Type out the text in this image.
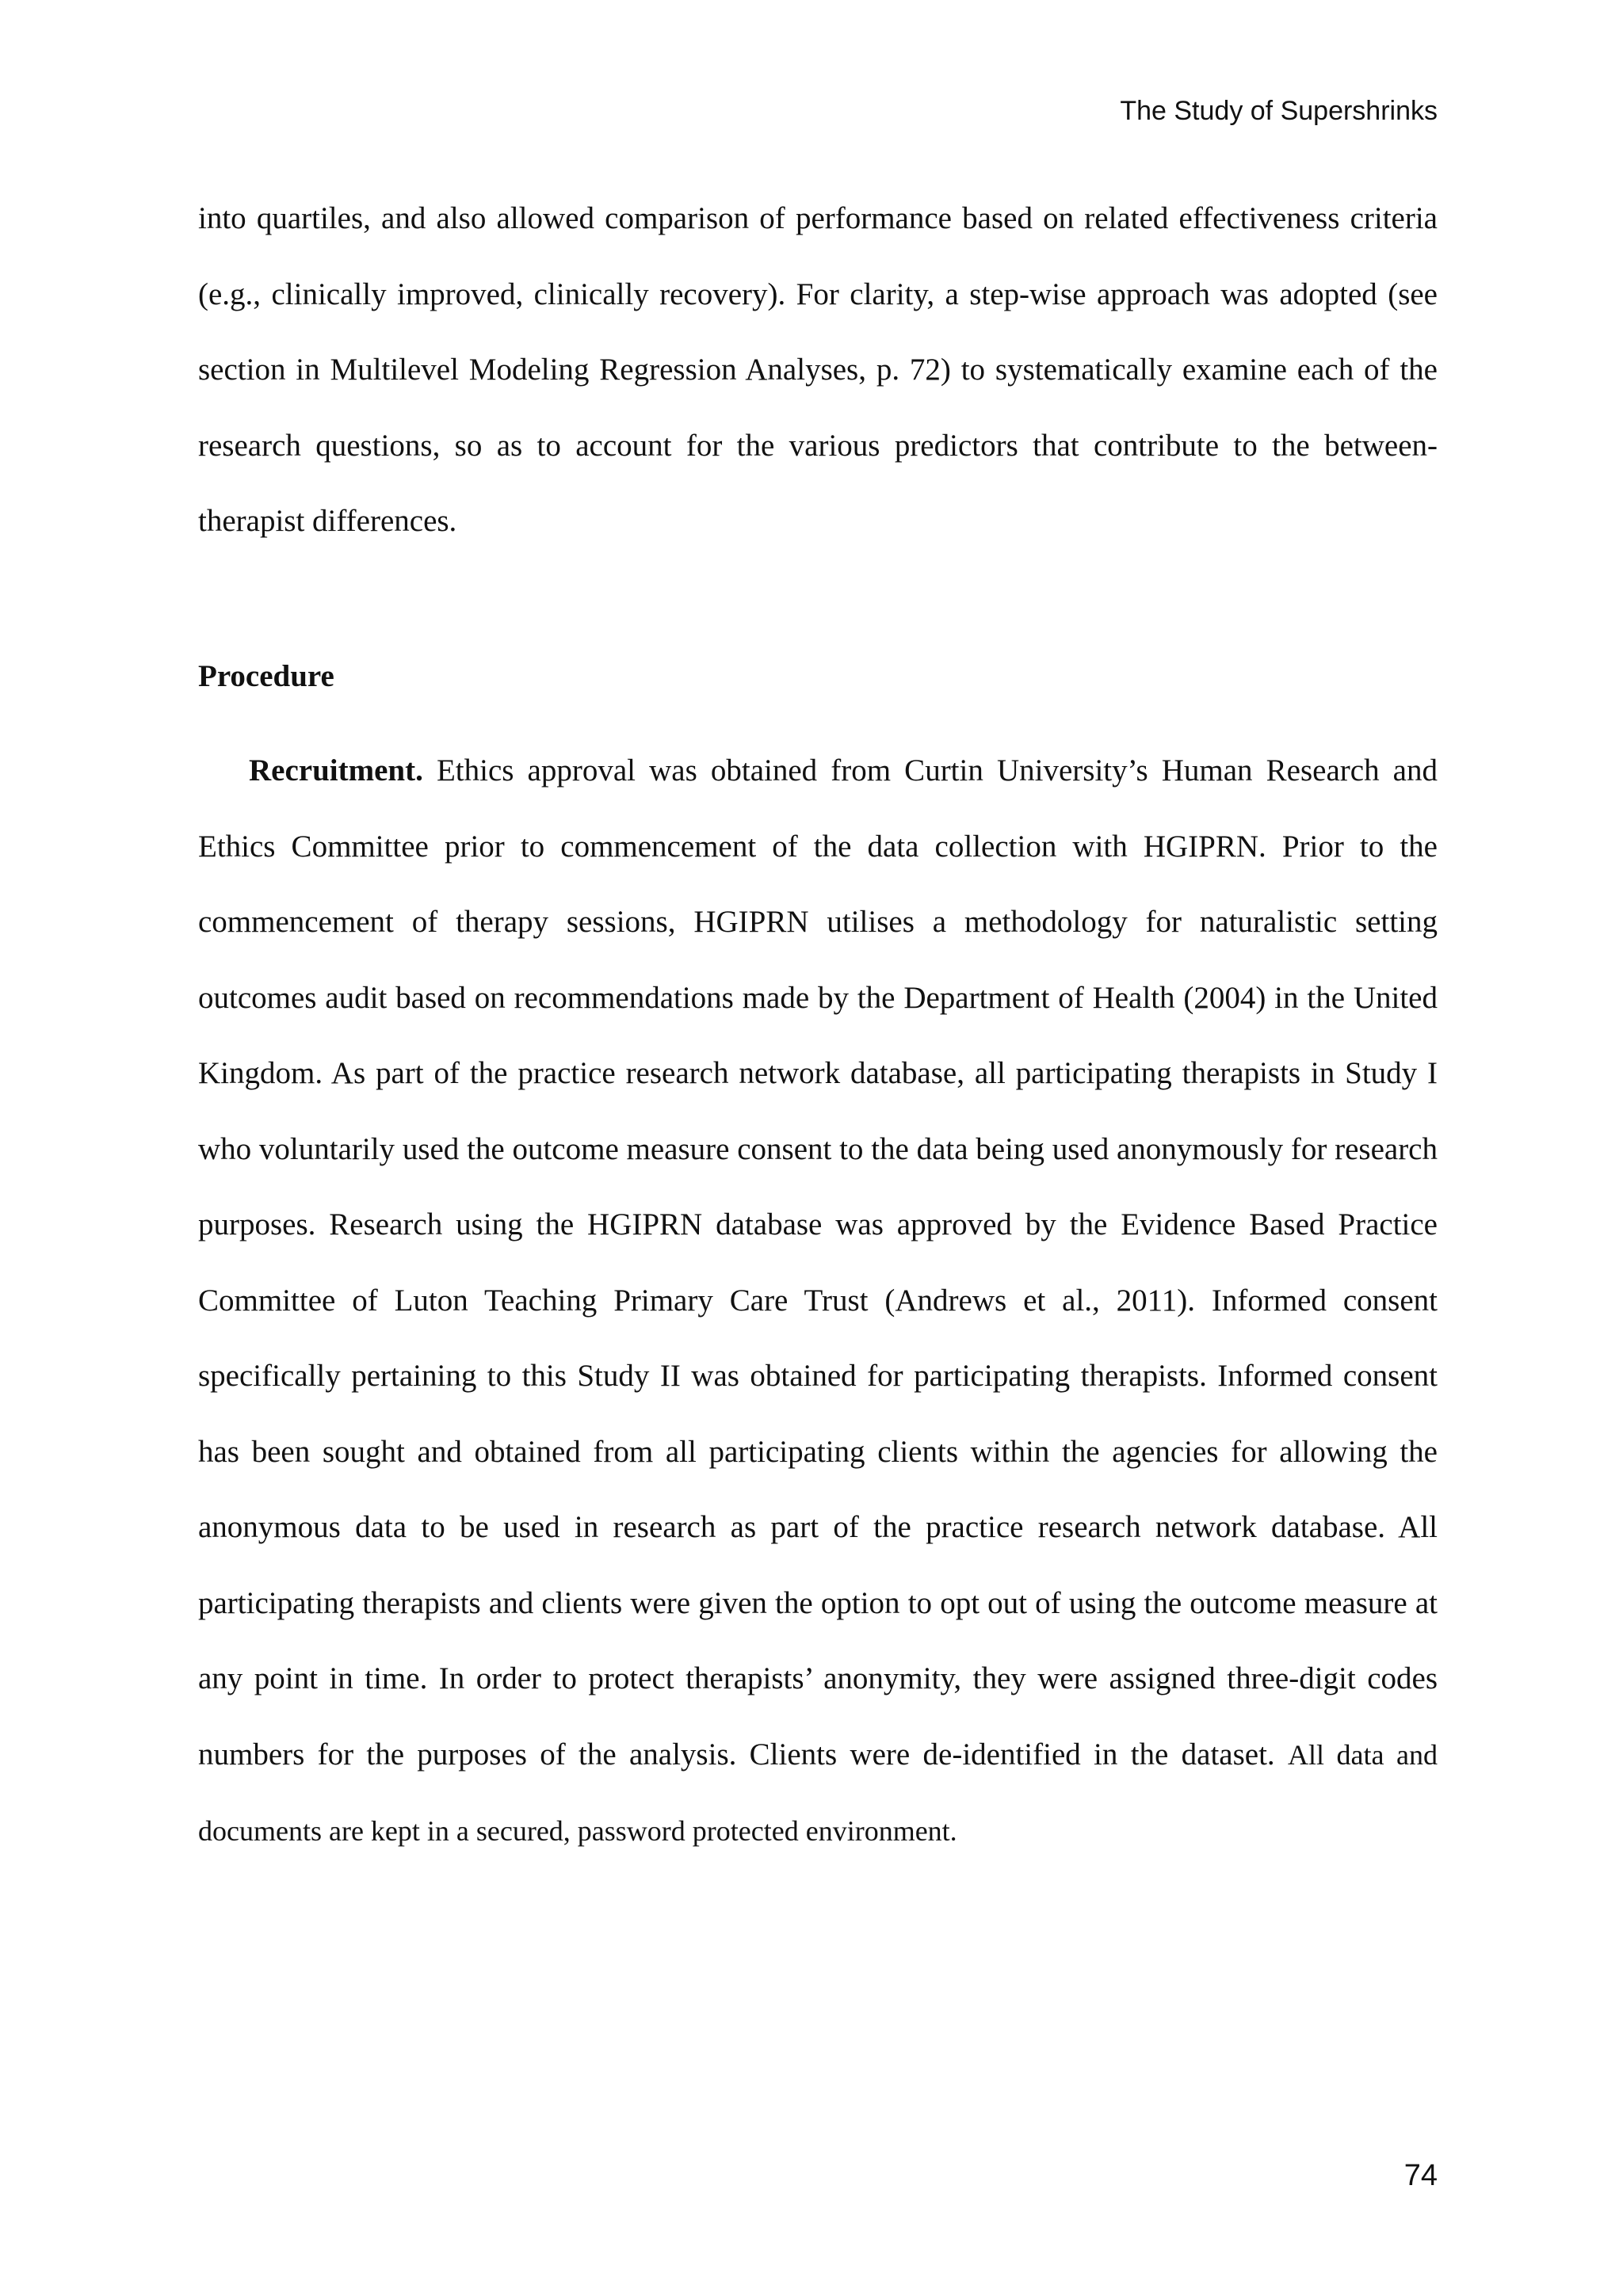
The Study of Supershrinks

into quartiles, and also allowed comparison of performance based on related effectiveness criteria (e.g., clinically improved, clinically recovery). For clarity, a step-wise approach was adopted (see section in Multilevel Modeling Regression Analyses, p. 72) to systematically examine each of the research questions, so as to account for the various predictors that contribute to the between-therapist differences.

Procedure

Recruitment. Ethics approval was obtained from Curtin University’s Human Research and Ethics Committee prior to commencement of the data collection with HGIPRN. Prior to the commencement of therapy sessions, HGIPRN utilises a methodology for naturalistic setting outcomes audit based on recommendations made by the Department of Health (2004) in the United Kingdom. As part of the practice research network database, all participating therapists in Study I who voluntarily used the outcome measure consent to the data being used anonymously for research purposes. Research using the HGIPRN database was approved by the Evidence Based Practice Committee of Luton Teaching Primary Care Trust (Andrews et al., 2011). Informed consent specifically pertaining to this Study II was obtained for participating therapists. Informed consent has been sought and obtained from all participating clients within the agencies for allowing the anonymous data to be used in research as part of the practice research network database. All participating therapists and clients were given the option to opt out of using the outcome measure at any point in time. In order to protect therapists’ anonymity, they were assigned three-digit codes numbers for the purposes of the analysis. Clients were de-identified in the dataset. All data and documents are kept in a secured, password protected environment.

74
